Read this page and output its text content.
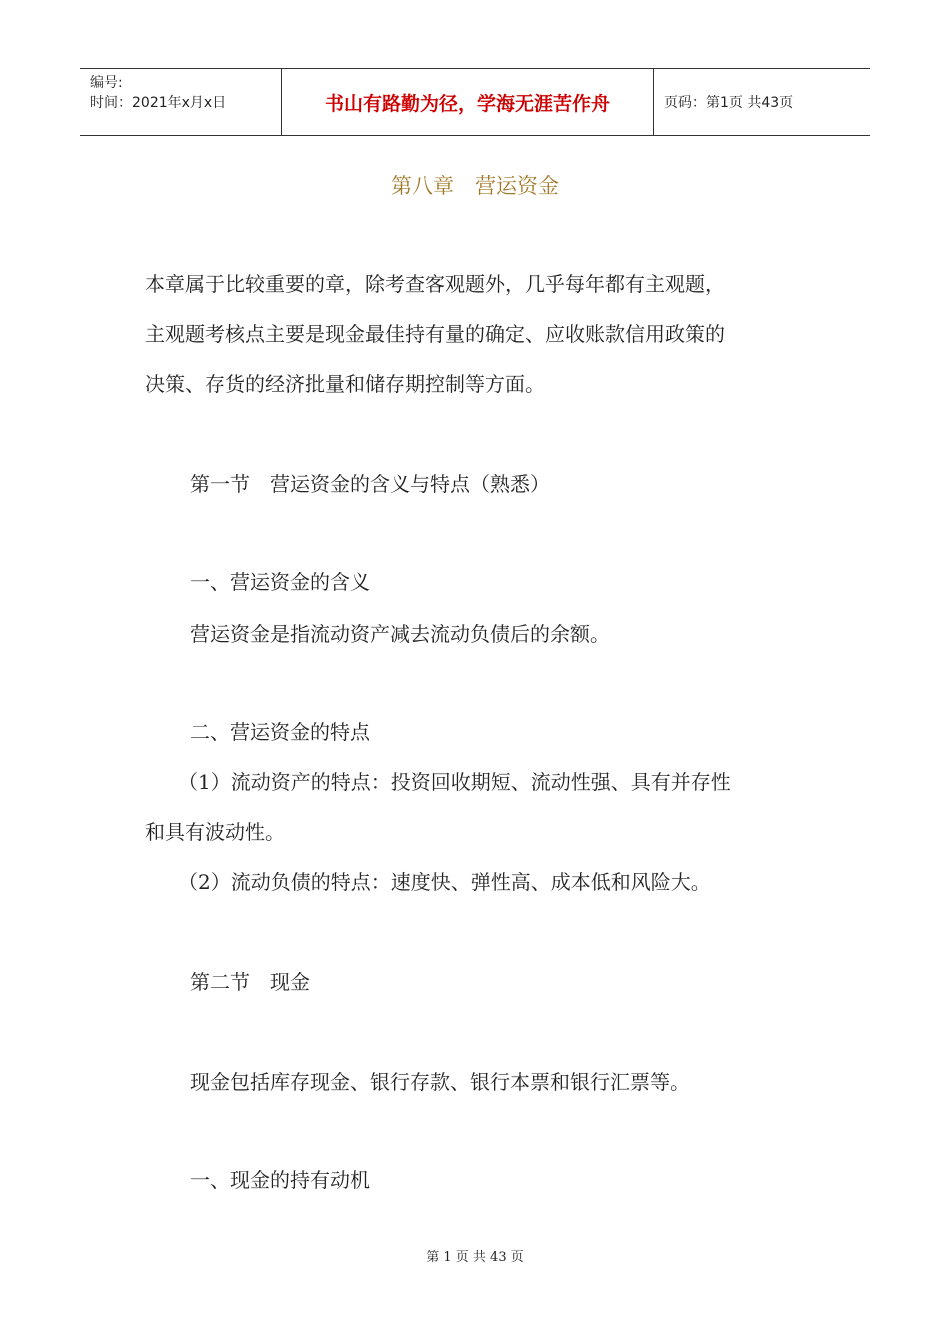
编号:
时间：2021年x月x日	书山有路勤为径，学海无涯苦作舟	页码：第1页 共43页
第八章　营运资金
本章属于比较重要的章，除考查客观题外，几乎每年都有主观题，
主观题考核点主要是现金最佳持有量的确定、应收账款信用政策的
决策、存货的经济批量和储存期控制等方面。
第一节　营运资金的含义与特点（熟悉）
一、营运资金的含义
营运资金是指流动资产减去流动负债后的余额。
二、营运资金的特点
（1）流动资产的特点：投资回收期短、流动性强、具有并存性
和具有波动性。
（2）流动负债的特点：速度快、弹性高、成本低和风险大。
第二节　现金
现金包括库存现金、银行存款、银行本票和银行汇票等。
一、现金的持有动机
第 1 页 共 43 页
